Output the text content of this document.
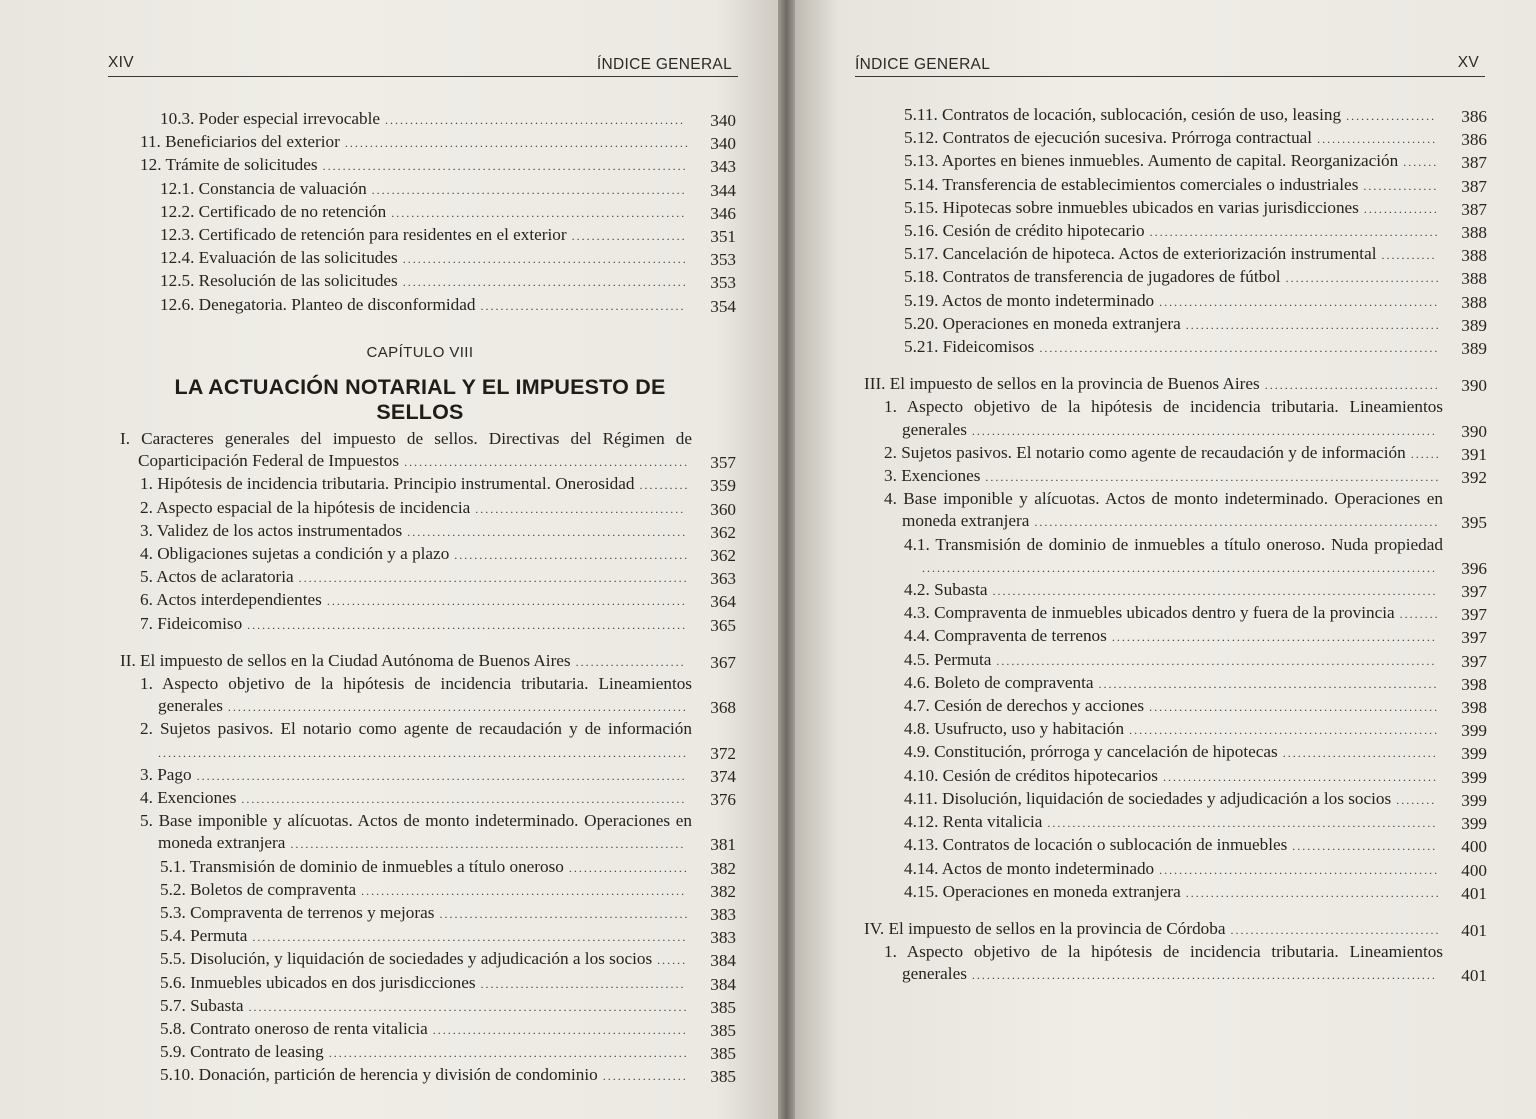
XIV	ÍNDICE GENERAL
10.3. Poder especial irrevocable ............................................................	340
11. Beneficiarios del exterior .....................................................................	340
12. Trámite de solicitudes .........................................................................	343
12.1. Constancia de valuación ...............................................................	344
12.2. Certificado de no retención ...........................................................	346
12.3. Certificado de retención para residentes en el exterior .......................	351
12.4. Evaluación de las solicitudes .........................................................	353
12.5. Resolución de las solicitudes .........................................................	353
12.6. Denegatoria. Planteo de disconformidad .........................................	354
CAPÍTULO VIII
LA ACTUACIÓN NOTARIAL Y EL IMPUESTO DE SELLOS
I. Caracteres generales del impuesto de sellos. Directivas del Régimen de Coparticipación Federal de Impuestos .........................................................	357
1. Hipótesis de incidencia tributaria. Principio instrumental. Onerosidad ..........	359
2. Aspecto espacial de la hipótesis de incidencia ..........................................	360
3. Validez de los actos instrumentados ........................................................	362
4. Obligaciones sujetas a condición y a plazo ...............................................	362
5. Actos de aclaratoria ..............................................................................	363
6. Actos interdependientes ........................................................................	364
7. Fideicomiso ........................................................................................	365
II. El impuesto de sellos en la Ciudad Autónoma de Buenos Aires ......................	367
1. Aspecto objetivo de la hipótesis de incidencia tributaria. Lineamientos generales ............................................................................................	368
2. Sujetos pasivos. El notario como agente de recaudación y de información ..........................................................................................................	372
3. Pago ..................................................................................................	374
4. Exenciones .........................................................................................	376
5. Base imponible y alícuotas. Actos de monto indeterminado. Operaciones en moneda extranjera ...............................................................................	381
5.1. Transmisión de dominio de inmuebles a título oneroso ........................	382
5.2. Boletos de compraventa .................................................................	382
5.3. Compraventa de terrenos y mejoras ..................................................	383
5.4. Permuta .......................................................................................	383
5.5. Disolución, y liquidación de sociedades y adjudicación a los socios ......	384
5.6. Inmuebles ubicados en dos jurisdicciones .........................................	384
5.7. Subasta ........................................................................................	385
5.8. Contrato oneroso de renta vitalicia ...................................................	385
5.9. Contrato de leasing ........................................................................	385
5.10. Donación, partición de herencia y división de condominio .................	385
ÍNDICE GENERAL	XV
5.11. Contratos de locación, sublocación, cesión de uso, leasing ..................	386
5.12. Contratos de ejecución sucesiva. Prórroga contractual ........................	386
5.13. Aportes en bienes inmuebles. Aumento de capital. Reorganización .......	387
5.14. Transferencia de establecimientos comerciales o industriales ...............	387
5.15. Hipotecas sobre inmuebles ubicados en varias jurisdicciones ...............	387
5.16. Cesión de crédito hipotecario ..........................................................	388
5.17. Cancelación de hipoteca. Actos de exteriorización instrumental ...........	388
5.18. Contratos de transferencia de jugadores de fútbol ...............................	388
5.19. Actos de monto indeterminado ........................................................	388
5.20. Operaciones en moneda extranjera ...................................................	389
5.21. Fideicomisos ................................................................................	389
III. El impuesto de sellos en la provincia de Buenos Aires ...................................	390
1. Aspecto objetivo de la hipótesis de incidencia tributaria. Lineamientos generales .............................................................................................	390
2. Sujetos pasivos. El notario como agente de recaudación y de información ......	391
3. Exenciones ...........................................................................................	392
4. Base imponible y alícuotas. Actos de monto indeterminado. Operaciones en moneda extranjera .................................................................................	395
4.1. Transmisión de dominio de inmuebles a título oneroso. Nuda propiedad .......................................................................................................	396
4.2. Subasta .........................................................................................	397
4.3. Compraventa de inmuebles ubicados dentro y fuera de la provincia ........	397
4.4. Compraventa de terrenos .................................................................	397
4.5. Permuta ........................................................................................	397
4.6. Boleto de compraventa ....................................................................	398
4.7. Cesión de derechos y acciones ..........................................................	398
4.8. Usufructo, uso y habitación ..............................................................	399
4.9. Constitución, prórroga y cancelación de hipotecas ...............................	399
4.10. Cesión de créditos hipotecarios .......................................................	399
4.11. Disolución, liquidación de sociedades y adjudicación a los socios ........	399
4.12. Renta vitalicia ..............................................................................	399
4.13. Contratos de locación o sublocación de inmuebles .............................	400
4.14. Actos de monto indeterminado ........................................................	400
4.15. Operaciones en moneda extranjera ...................................................	401
IV. El impuesto de sellos en la provincia de Córdoba ..........................................	401
1. Aspecto objetivo de la hipótesis de incidencia tributaria. Lineamientos generales .............................................................................................	401
